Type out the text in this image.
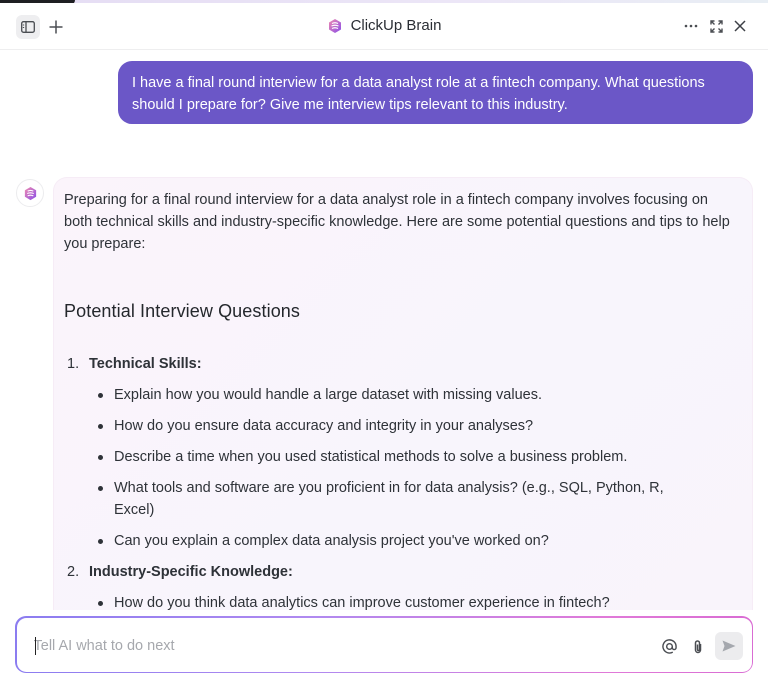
ClickUp Brain
I have a final round interview for a data analyst role at a fintech company. What questions should I prepare for? Give me interview tips relevant to this industry.

Preparing for a final round interview for a data analyst role in a fintech company involves focusing on both technical skills and industry-specific knowledge. Here are some potential questions and tips to help you prepare:

Potential Interview Questions
1. Technical Skills:
Explain how you would handle a large dataset with missing values.
How do you ensure data accuracy and integrity in your analyses?
Describe a time when you used statistical methods to solve a business problem.
What tools and software are you proficient in for data analysis? (e.g., SQL, Python, R, Excel)
Can you explain a complex data analysis project you've worked on?
2. Industry-Specific Knowledge:
How do you think data analytics can improve customer experience in fintech?
Tell AI what to do next
